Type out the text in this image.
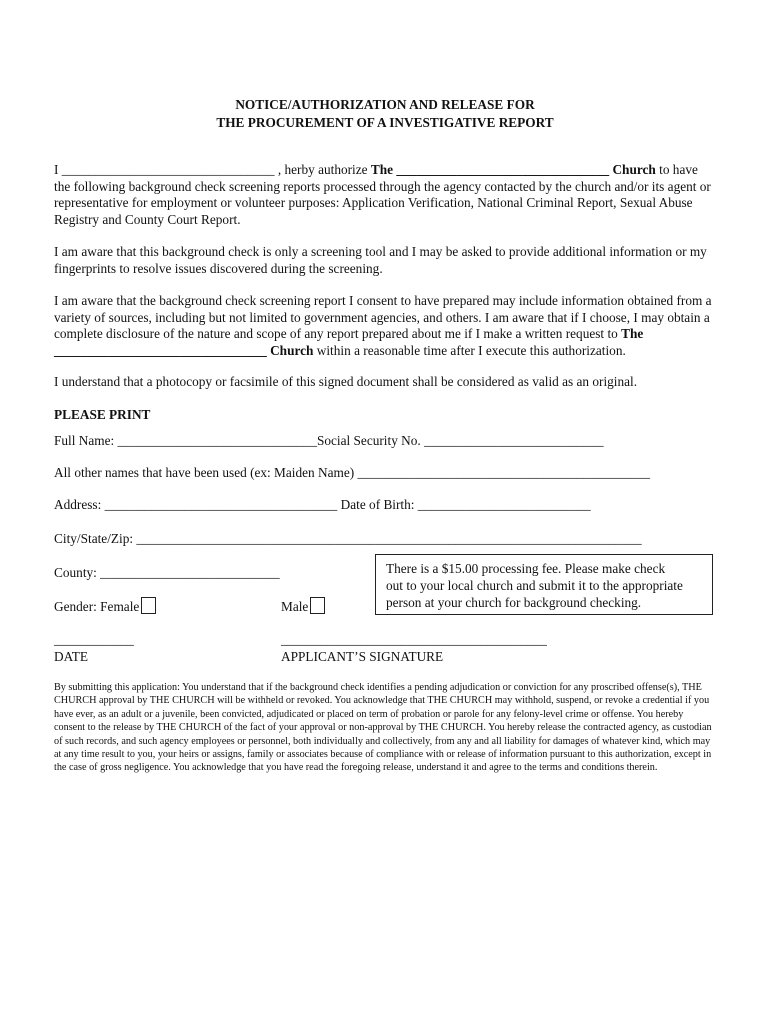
NOTICE/AUTHORIZATION AND RELEASE FOR
THE PROCUREMENT OF A INVESTIGATIVE REPORT

I ________________________________ , herby authorize The ________________________________ Church to have the following background check screening reports processed through the agency contacted by the church and/or its agent or representative for employment or volunteer purposes: Application Verification, National Criminal Report, Sexual Abuse Registry and County Court Report.

I am aware that this background check is only a screening tool and I may be asked to provide additional information or my fingerprints to resolve issues discovered during the screening.

I am aware that the background check screening report I consent to have prepared may include information obtained from a variety of sources, including but not limited to government agencies, and others. I am aware that if I choose, I may obtain a complete disclosure of the nature and scope of any report prepared about me if I make a written request to The ________________________________ Church within a reasonable time after I execute this authorization.

I understand that a photocopy or facsimile of this signed document shall be considered as valid as an original.

PLEASE PRINT
Full Name: ______________________________Social Security No. ___________________________
All other names that have been used (ex: Maiden Name) ____________________________________________
Address: ___________________________________ Date of Birth: __________________________
City/State/Zip: ____________________________________________________________________________
County: ___________________________
Gender: Female	Male
There is a $15.00 processing fee. Please make check
out to your local church and submit it to the appropriate
person at your church for background checking.
____________
DATE
________________________________________
APPLICANT’S SIGNATURE

By submitting this application: You understand that if the background check identifies a pending adjudication or conviction for any proscribed offense(s), THE CHURCH approval by THE CHURCH will be withheld or revoked. You acknowledge that THE CHURCH may withhold, suspend, or revoke a credential if you have ever, as an adult or a juvenile, been convicted, adjudicated or placed on term of probation or parole for any felony-level crime or offense. You hereby consent to the release by THE CHURCH of the fact of your approval or non-approval by THE CHURCH. You hereby release the contracted agency, as custodian of such records, and such agency employees or personnel, both individually and collectively, from any and all liability for damages of whatever kind, which may at any time result to you, your heirs or assigns, family or associates because of compliance with or release of information pursuant to this authorization, except in the case of gross negligence. You acknowledge that you have read the foregoing release, understand it and agree to the terms and conditions therein.
